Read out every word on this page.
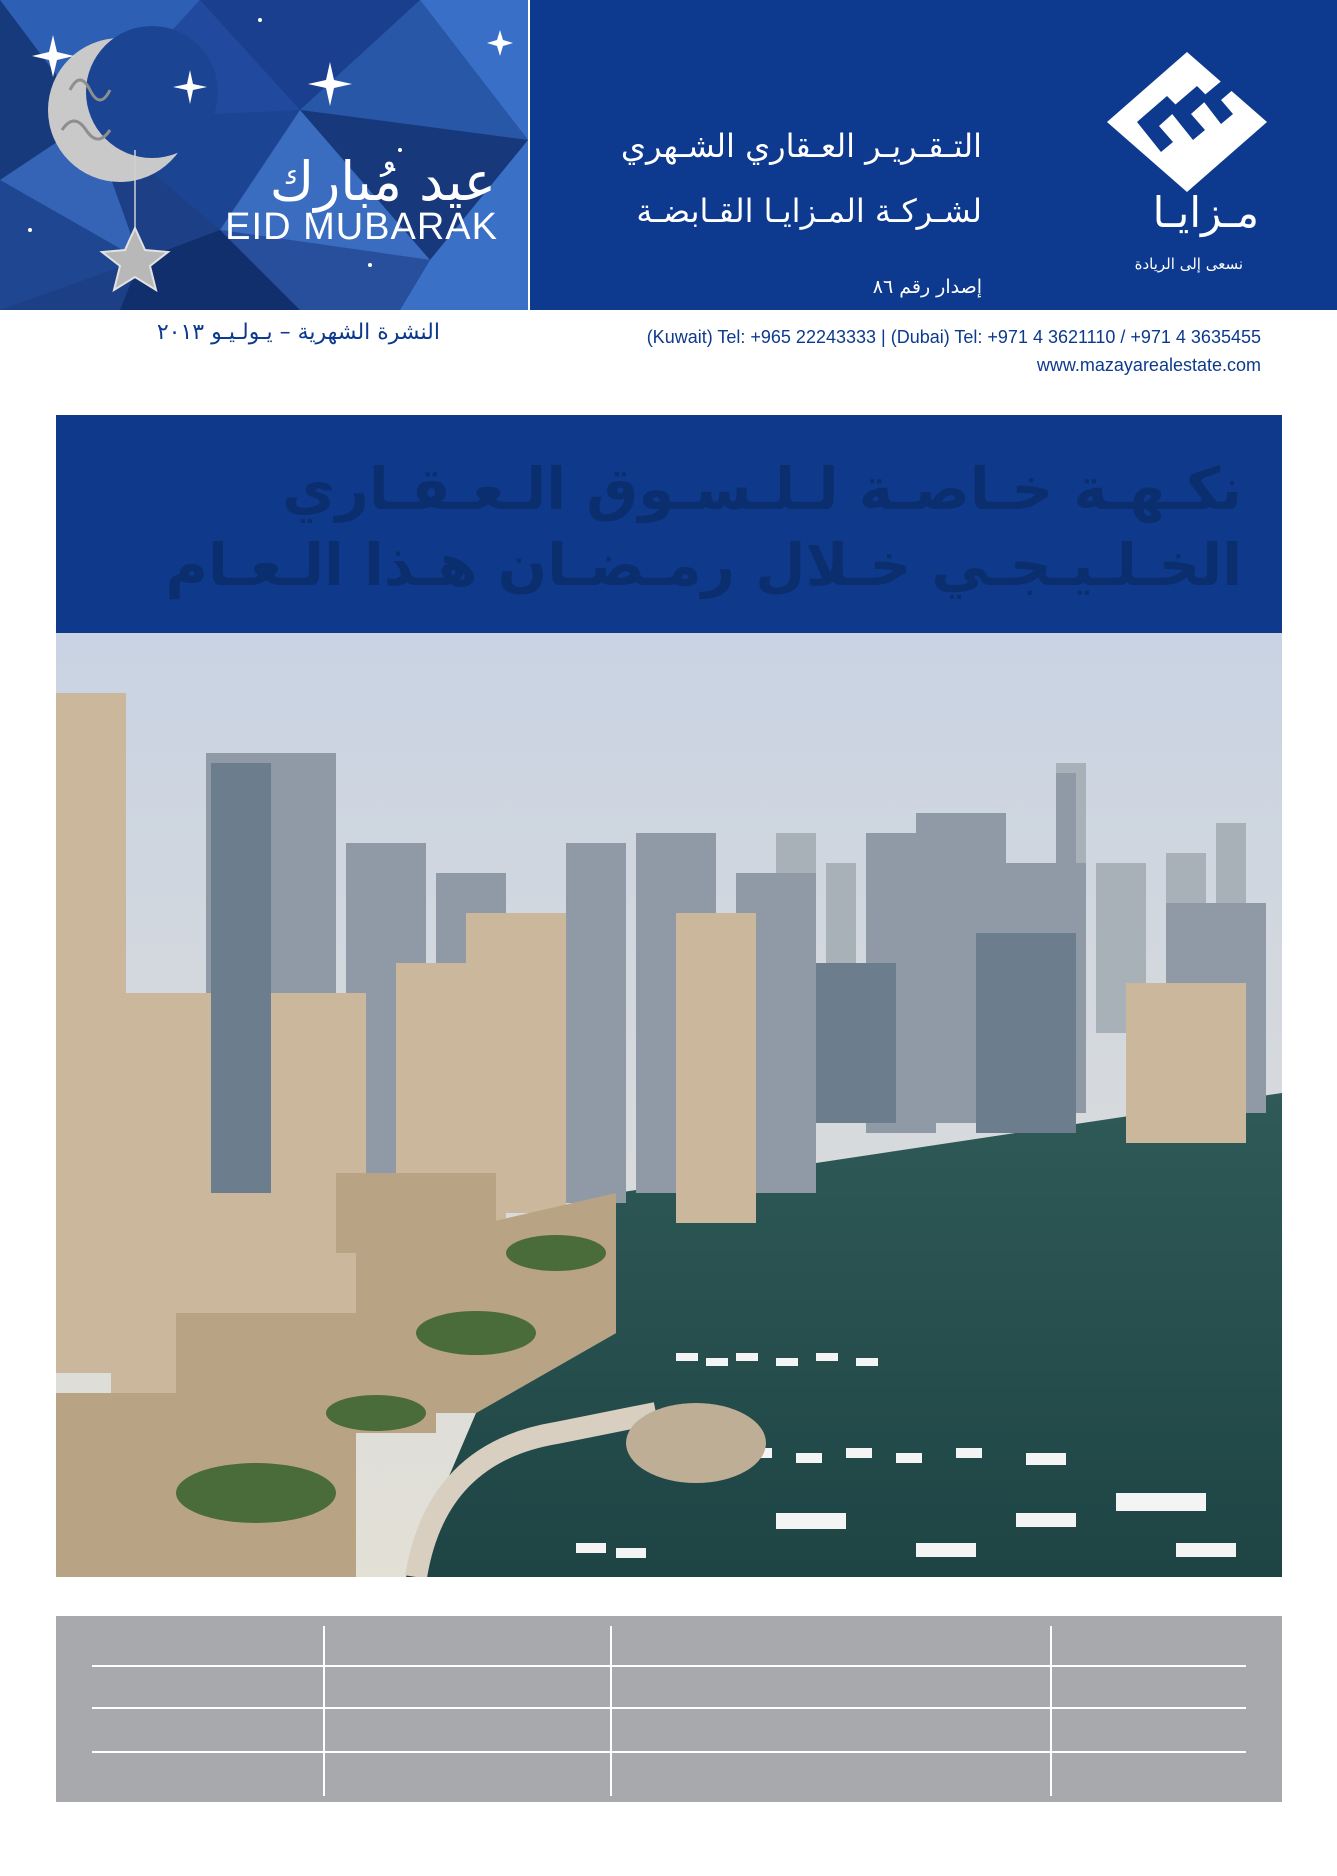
عيد مُبارك
EID MUBARAK
التـقـريـر العـقاري الشـهري
لشـركـة المـزايـا القـابضـة
إصدار رقم ٨٦
مـزايـا
نسعى إلى الريادة
النشرة الشهرية – يـولـيـو ٢٠١٣	(Kuwait) Tel: +965 22243333 | (Dubai) Tel: +971 4 3621110 / +971 4 3635455
www.mazayarealestate.com
نكـهـة خـاصـة لـلـسـوق الـعـقـاري
الخـلـيـجـي خـلال رمـضـان هـذا الـعـام
